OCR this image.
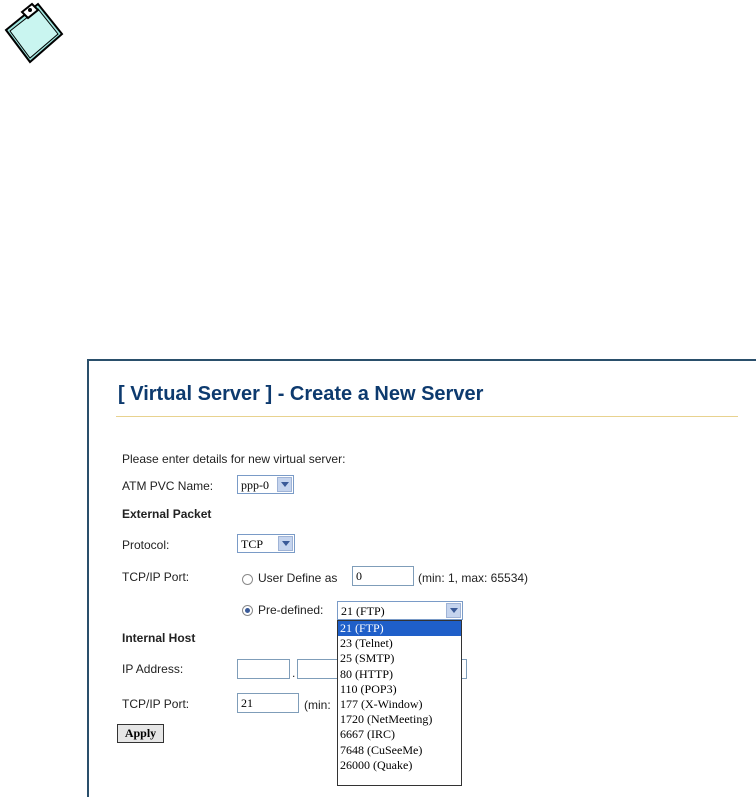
[ Virtual Server ] - Create a New Server
Please enter details for new virtual server:
ATM PVC Name: ppp-0
External Packet
Protocol:	TCP
TCP/IP Port:	User Define as	0	(min: 1, max: 65534)
Pre-defined: 21 (FTP)
Internal Host
IP Address:	.
TCP/IP Port:	21	(min:
Apply
21 (FTP)
23 (Telnet)
25 (SMTP)
80 (HTTP)
110 (POP3)
177 (X-Window)
1720 (NetMeeting)
6667 (IRC)
7648 (CuSeeMe)
26000 (Quake)
